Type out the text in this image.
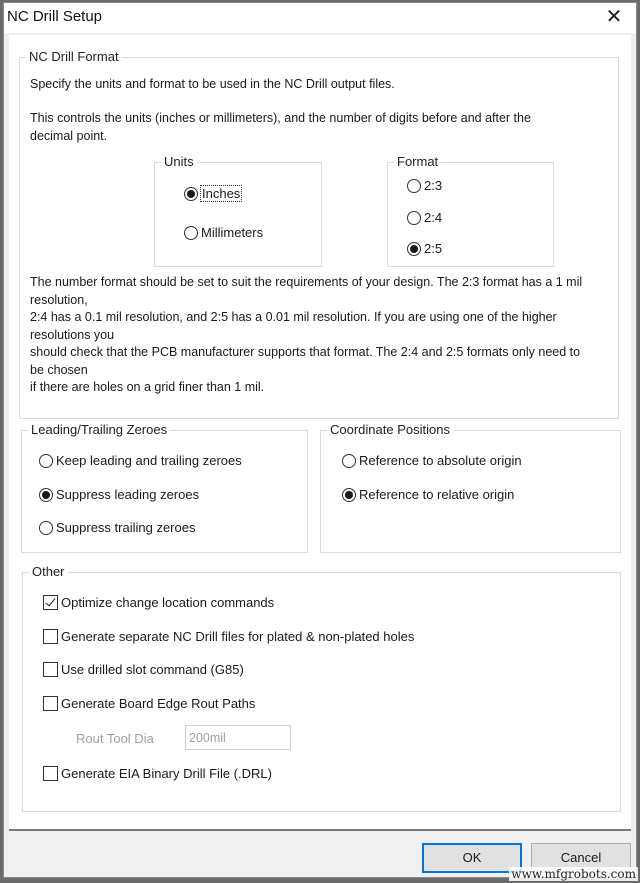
NC Drill Setup	✕
NC Drill Format
Specify the units and format to be used in the NC Drill output files.
This controls the units (inches or millimeters), and the number of digits before and after the
decimal point.
Units
Inches
Millimeters
Format
2:3
2:4
2:5
The number format should be set to suit the requirements of your design. The 2:3 format has a 1 mil
resolution,
2:4 has a 0.1 mil resolution, and 2:5 has a 0.01 mil resolution. If you are using one of the higher
resolutions you
should check that the PCB manufacturer supports that format. The 2:4 and 2:5 formats only need to
be chosen
if there are holes on a grid finer than 1 mil.
Leading/Trailing Zeroes
Keep leading and trailing zeroes
Suppress leading zeroes
Suppress trailing zeroes
Coordinate Positions
Reference to absolute origin
Reference to relative origin
Other
Optimize change location commands
Generate separate NC Drill files for plated & non-plated holes
Use drilled slot command (G85)
Generate Board Edge Rout Paths
Rout Tool Dia
200mil
Generate EIA Binary Drill File (.DRL)
OK	Cancel
www.mfgrobots.com
